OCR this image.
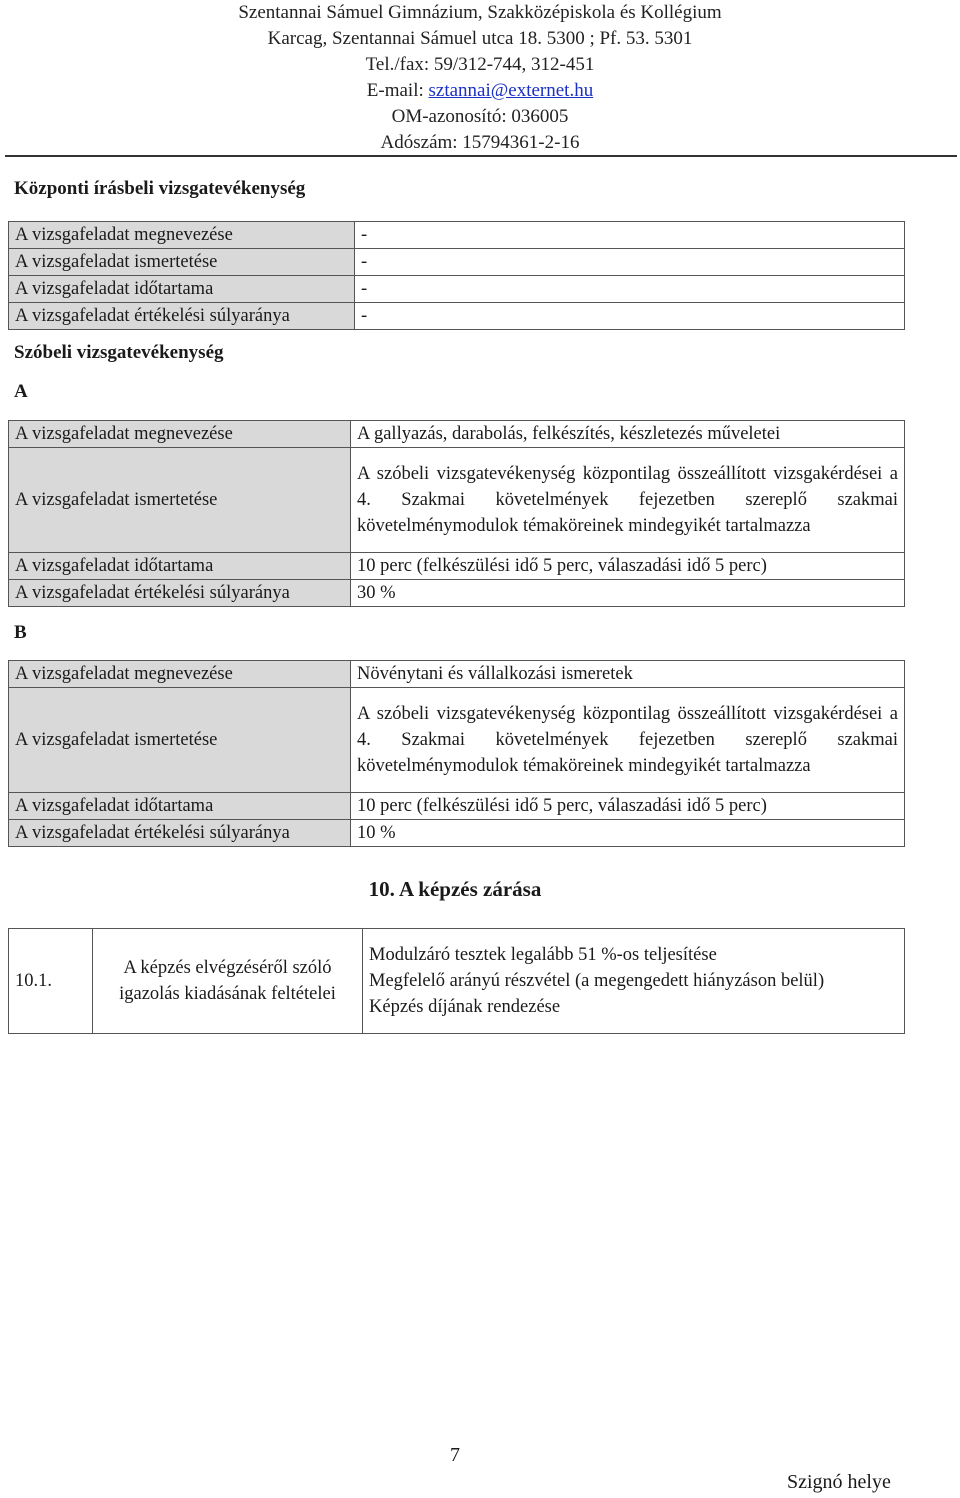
Szentannai Sámuel Gimnázium, Szakközépiskola és Kollégium
Karcag, Szentannai Sámuel utca 18. 5300 ; Pf. 53. 5301
Tel./fax: 59/312-744, 312-451
E-mail: sztannai@externet.hu
OM-azonosító: 036005
Adószám: 15794361-2-16
Központi írásbeli vizsgatevékenység
A vizsgafeladat megnevezése	-
A vizsgafeladat ismertetése	-
A vizsgafeladat időtartama	-
A vizsgafeladat értékelési súlyaránya	-
Szóbeli vizsgatevékenység
A
A vizsgafeladat megnevezése	A gallyazás, darabolás, felkészítés, készletezés műveletei
A vizsgafeladat ismertetése	A szóbeli vizsgatevékenység központilag összeállított vizsgakérdései a 4. Szakmai követelmények fejezetben szereplő szakmai követelménymodulok témaköreinek mindegyikét tartalmazza
A vizsgafeladat időtartama	10 perc (felkészülési idő 5 perc, válaszadási idő 5 perc)
A vizsgafeladat értékelési súlyaránya	30 %
B
A vizsgafeladat megnevezése	Növénytani és vállalkozási ismeretek
A vizsgafeladat ismertetése	A szóbeli vizsgatevékenység központilag összeállított vizsgakérdései a 4. Szakmai követelmények fejezetben szereplő szakmai követelménymodulok témaköreinek mindegyikét tartalmazza
A vizsgafeladat időtartama	10 perc (felkészülési idő 5 perc, válaszadási idő 5 perc)
A vizsgafeladat értékelési súlyaránya	10 %
10. A képzés zárása
10.1.	A képzés elvégzéséről szóló igazolás kiadásának feltételei	
Modulzáró tesztek legalább 51 %-os teljesítése
Megfelelő arányú részvétel (a megengedett hiányzáson belül)
Képzés díjának rendezése
7
Szignó helye
